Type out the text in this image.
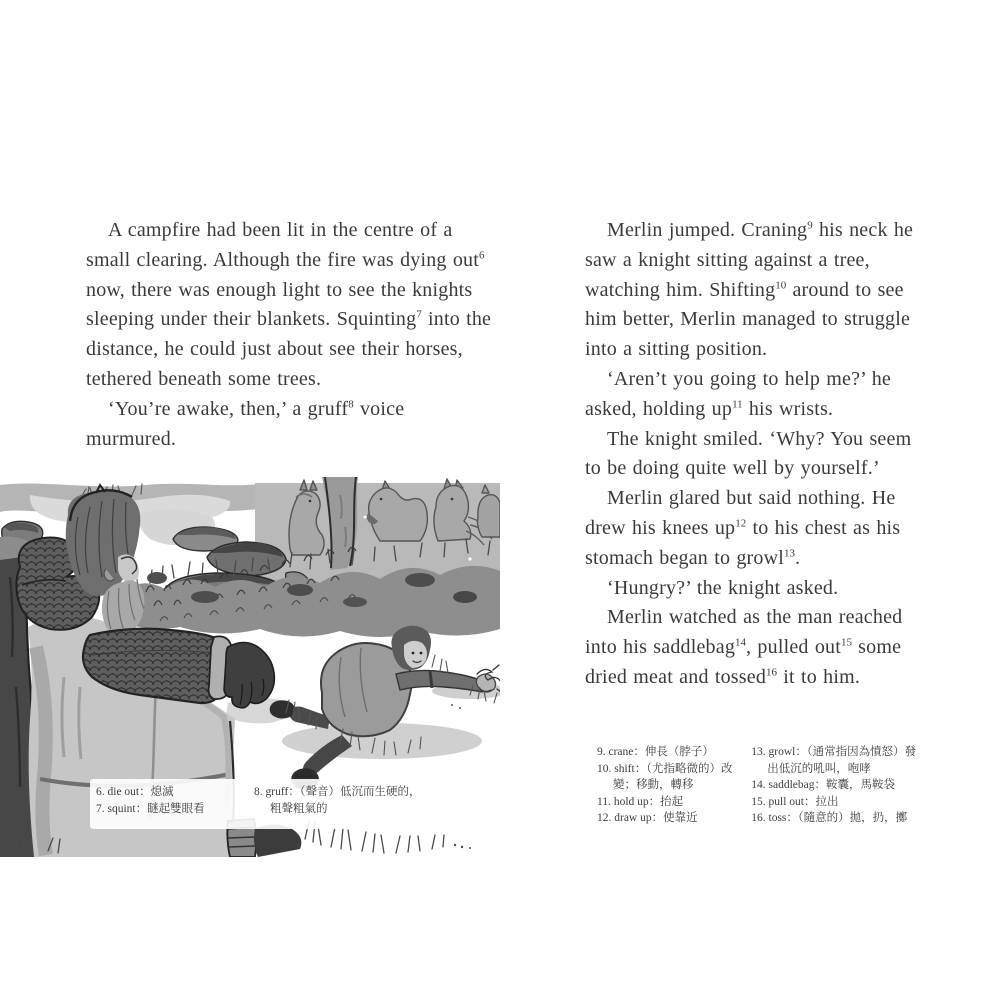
A campfire had been lit in the centre of a small clearing. Although the fire was dying out$^6$ now, there was enough light to see the knights sleeping under their blankets. Squinting$^7$ into the distance, he could just about see their horses, tethered beneath some trees.

‘You’re awake, then,’ a gruff$^8$ voice murmured.

Merlin jumped. Craning$^9$ his neck he saw a knight sitting against a tree, watching him. Shifting$^{10}$ around to see him better, Merlin managed to struggle into a sitting position.

‘Aren’t you going to help me?’ he asked, holding $up^{11}$ his wrists.

The knight smiled. ‘Why? You seem to be doing quite well by yourself.’

Merlin glared but said nothing. He drew his knees $up^{12}$ to his chest as his stomach began to growl$^{13}$.

‘Hungry?’ the knight asked.

Merlin watched as the man reached into his saddlebag$^{14}$, pulled out$^{15}$ some dried meat and tossed$^{16}$ it to him.

6. die out：熄滅
7. squint：瞇起雙眼看
8. gruff：（聲音）低沉而生硬的，粗聲粗氣的
9. crane：伸長（脖子）
10. shift：（尤指略微的）改變；移動，轉移
11. hold up：抬起
12. draw up：使靠近
13. growl：（通常指因為憤怒）發出低沉的吼叫，咆哮
14. saddlebag：鞍囊，馬鞍袋
15. pull out：拉出
16. toss：（隨意的）拋，扔，擲
